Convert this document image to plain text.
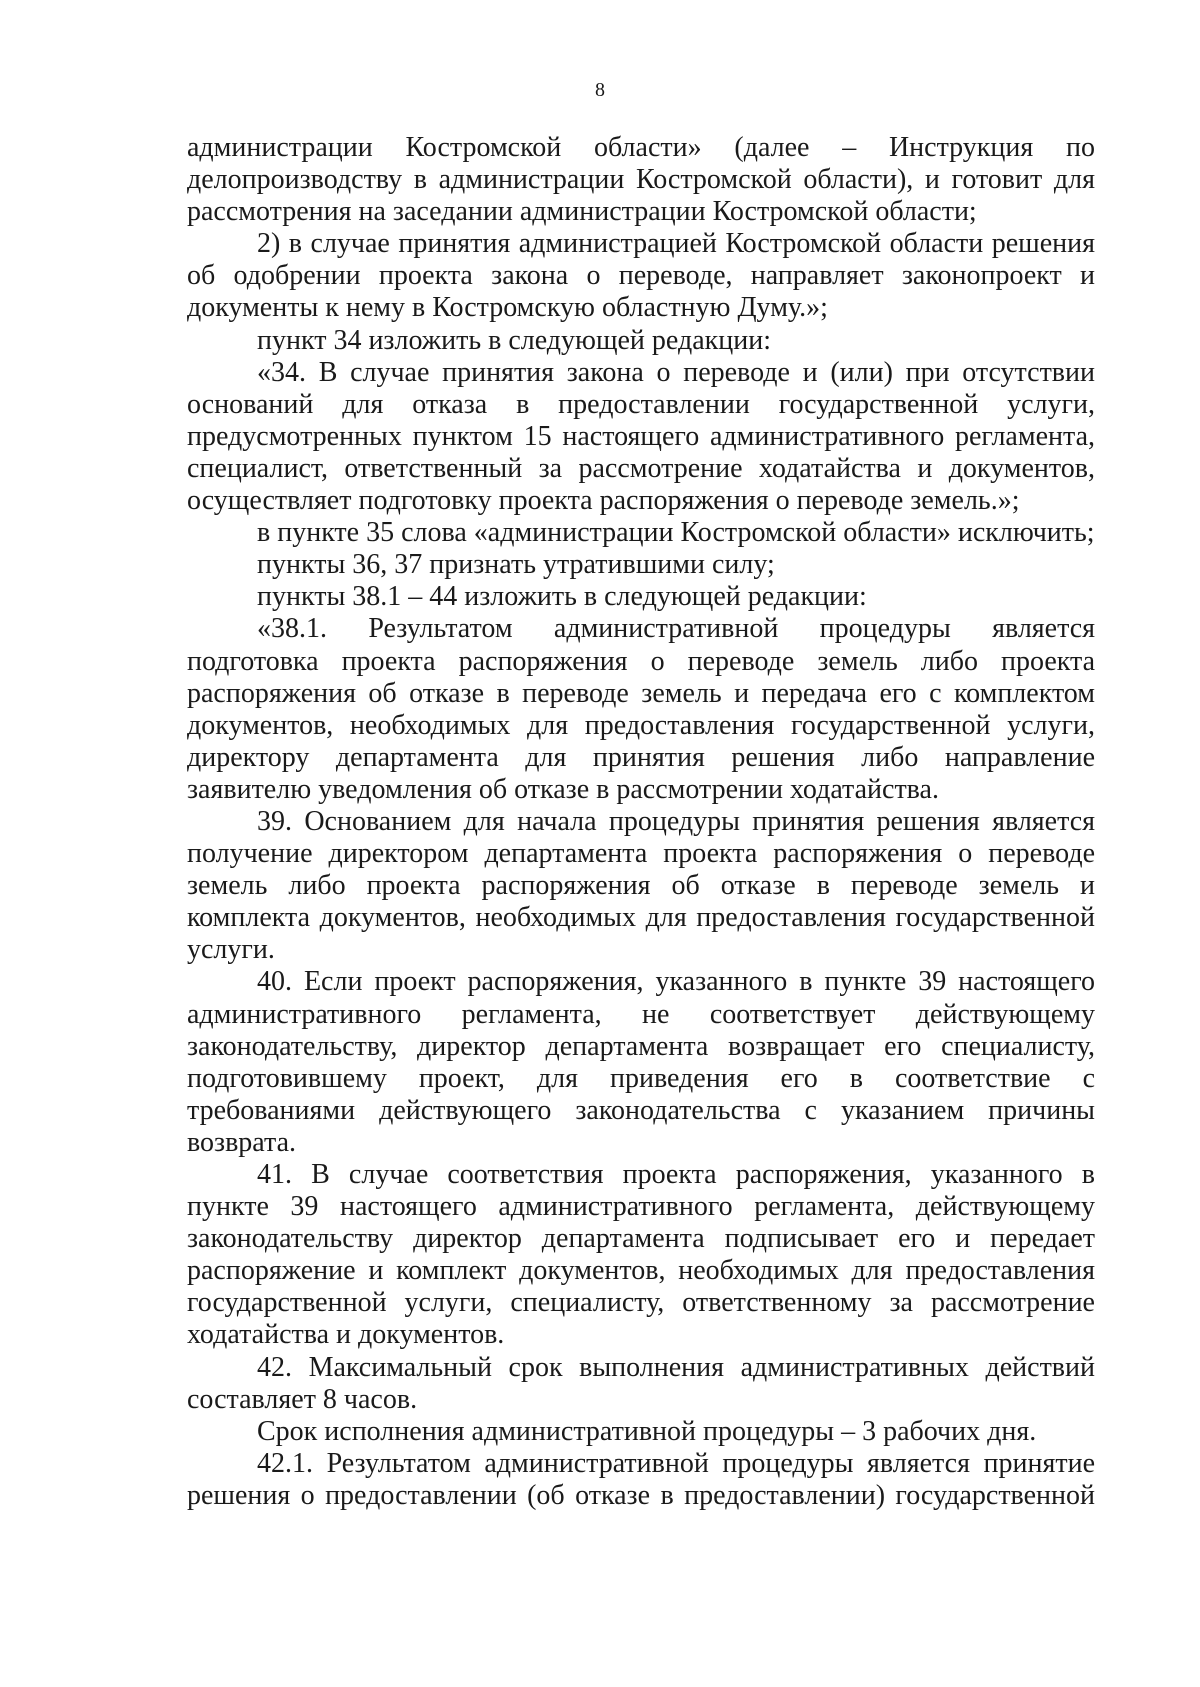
8

администрации Костромской области» (далее – Инструкция по делопроизводству в администрации Костромской области), и готовит для рассмотрения на заседании администрации Костромской области;

2) в случае принятия администрацией Костромской области решения об одобрении проекта закона о переводе, направляет законопроект и документы к нему в Костромскую областную Думу.»;

пункт 34 изложить в следующей редакции:

«34. В случае принятия закона о переводе и (или) при отсутствии оснований для отказа в предоставлении государственной услуги, предусмотренных пунктом 15 настоящего административного регламента, специалист, ответственный за рассмотрение ходатайства и документов, осуществляет подготовку проекта распоряжения о переводе земель.»;

в пункте 35 слова «администрации Костромской области» исключить;

пункты 36, 37 признать утратившими силу;

пункты 38.1 – 44 изложить в следующей редакции:

«38.1. Результатом административной процедуры является подготовка проекта распоряжения о переводе земель либо проекта распоряжения об отказе в переводе земель и передача его с комплектом документов, необходимых для предоставления государственной услуги, директору департамента для принятия решения либо направление заявителю уведомления об отказе в рассмотрении ходатайства.

39. Основанием для начала процедуры принятия решения является получение директором департамента проекта распоряжения о переводе земель либо проекта распоряжения об отказе в переводе земель и комплекта документов, необходимых для предоставления государственной услуги.

40. Если проект распоряжения, указанного в пункте 39 настоящего административного регламента, не соответствует действующему законодательству, директор департамента возвращает его специалисту, подготовившему проект, для приведения его в соответствие с требованиями действующего законодательства с указанием причины возврата.

41. В случае соответствия проекта распоряжения, указанного в пункте 39 настоящего административного регламента, действующему законодательству директор департамента подписывает его и передает распоряжение и комплект документов, необходимых для предоставления государственной услуги, специалисту, ответственному за рассмотрение ходатайства и документов.

42. Максимальный срок выполнения административных действий составляет 8 часов.

Срок исполнения административной процедуры – 3 рабочих дня.

42.1. Результатом административной процедуры является принятие решения о предоставлении (об отказе в предоставлении) государственной
